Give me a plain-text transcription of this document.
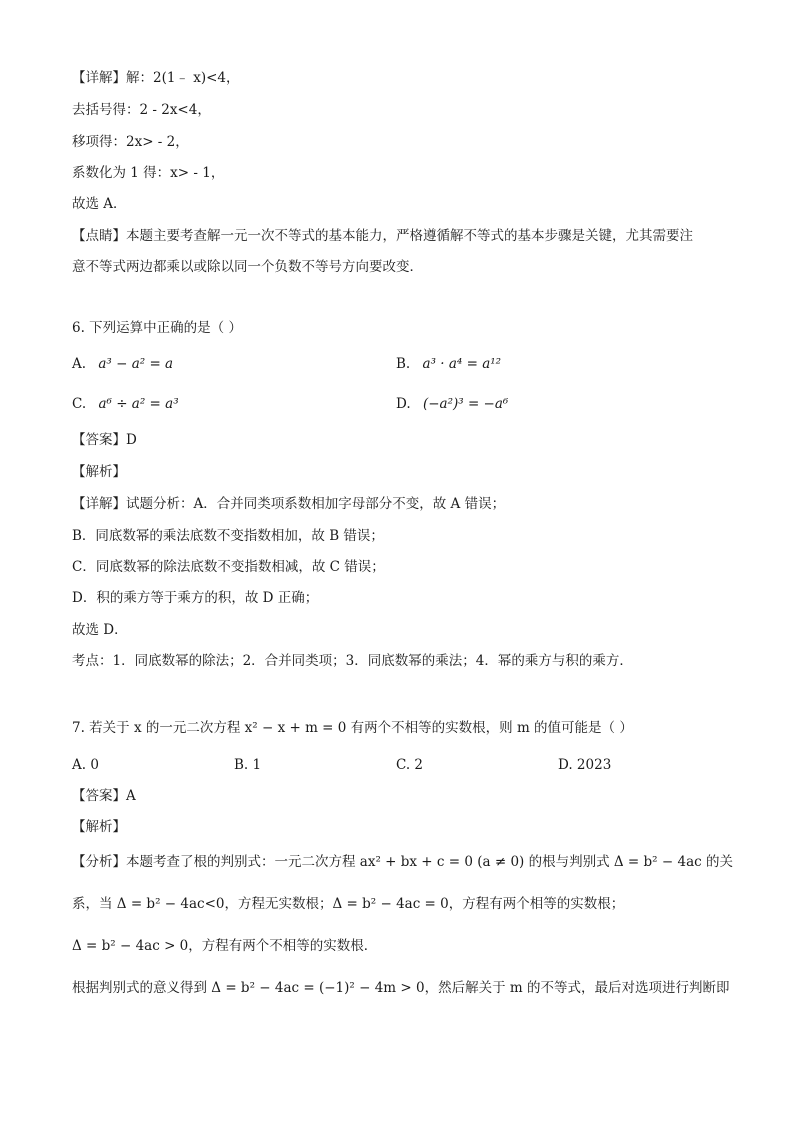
【详解】解：2(1﹣ x)<4，
去括号得：2 - 2x<4，
移项得：2x> - 2，
系数化为 1 得：x> - 1，
故选 A．
【点睛】本题主要考查解一元一次不等式的基本能力，严格遵循解不等式的基本步骤是关键，尤其需要注
意不等式两边都乘以或除以同一个负数不等号方向要改变．
6. 下列运算中正确的是（ ）
A. a³ − a² = a	B. a³ · a⁴ = a¹²
C. a⁶ ÷ a² = a³	D. (−a²)³ = −a⁶
【答案】D
【解析】
【详解】试题分析：A．合并同类项系数相加字母部分不变，故 A 错误；
B．同底数幂的乘法底数不变指数相加，故 B 错误；
C．同底数幂的除法底数不变指数相减，故 C 错误；
D．积的乘方等于乘方的积，故 D 正确；
故选 D．
考点：1．同底数幂的除法；2．合并同类项；3．同底数幂的乘法；4．幂的乘方与积的乘方．
7. 若关于 x 的一元二次方程 x² − x + m = 0 有两个不相等的实数根，则 m 的值可能是（ ）
A. 0	B. 1	C. 2	D. 2023
【答案】A
【解析】
【分析】本题考查了根的判别式：一元二次方程 ax² + bx + c = 0 (a ≠ 0) 的根与判别式 Δ = b² − 4ac 的关
系，当 Δ = b² − 4ac<0，方程无实数根；Δ = b² − 4ac = 0，方程有两个相等的实数根；
Δ = b² − 4ac > 0，方程有两个不相等的实数根．
根据判别式的意义得到 Δ = b² − 4ac = (−1)² − 4m > 0，然后解关于 m 的不等式，最后对选项进行判断即
